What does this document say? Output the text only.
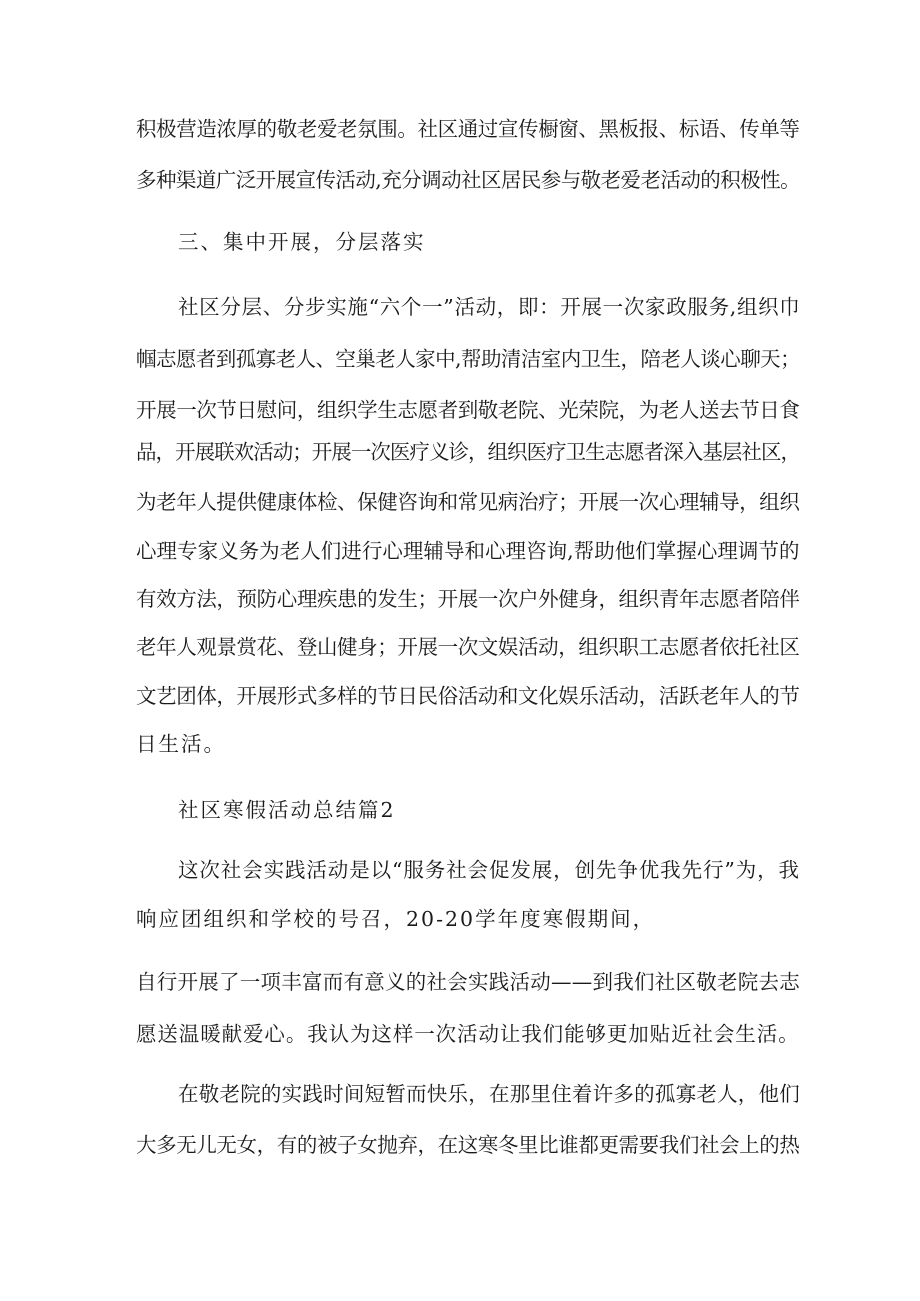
积极营造浓厚的敬老爱老氛围。社区通过宣传橱窗、黑板报、标语、传单等
多种渠道广泛开展宣传活动,充分调动社区居民参与敬老爱老活动的积极性。
三、集中开展，分层落实
社区分层、分步实施“六个一”活动，即：开展一次家政服务,组织巾
帼志愿者到孤寡老人、空巢老人家中,帮助清洁室内卫生，陪老人谈心聊天；
开展一次节日慰问，组织学生志愿者到敬老院、光荣院，为老人送去节日食
品，开展联欢活动；开展一次医疗义诊，组织医疗卫生志愿者深入基层社区，
为老年人提供健康体检、保健咨询和常见病治疗；开展一次心理辅导，组织
心理专家义务为老人们进行心理辅导和心理咨询,帮助他们掌握心理调节的
有效方法，预防心理疾患的发生；开展一次户外健身，组织青年志愿者陪伴
老年人观景赏花、登山健身；开展一次文娱活动，组织职工志愿者依托社区
文艺团体，开展形式多样的节日民俗活动和文化娱乐活动，活跃老年人的节
日生活。
社区寒假活动总结篇2
这次社会实践活动是以“服务社会促发展，创先争优我先行”为，我
响应团组织和学校的号召，20-20学年度寒假期间，
自行开展了一项丰富而有意义的社会实践活动——到我们社区敬老院去志
愿送温暖献爱心。我认为这样一次活动让我们能够更加贴近社会生活。
在敬老院的实践时间短暂而快乐，在那里住着许多的孤寡老人，他们
大多无儿无女，有的被子女抛弃，在这寒冬里比谁都更需要我们社会上的热
